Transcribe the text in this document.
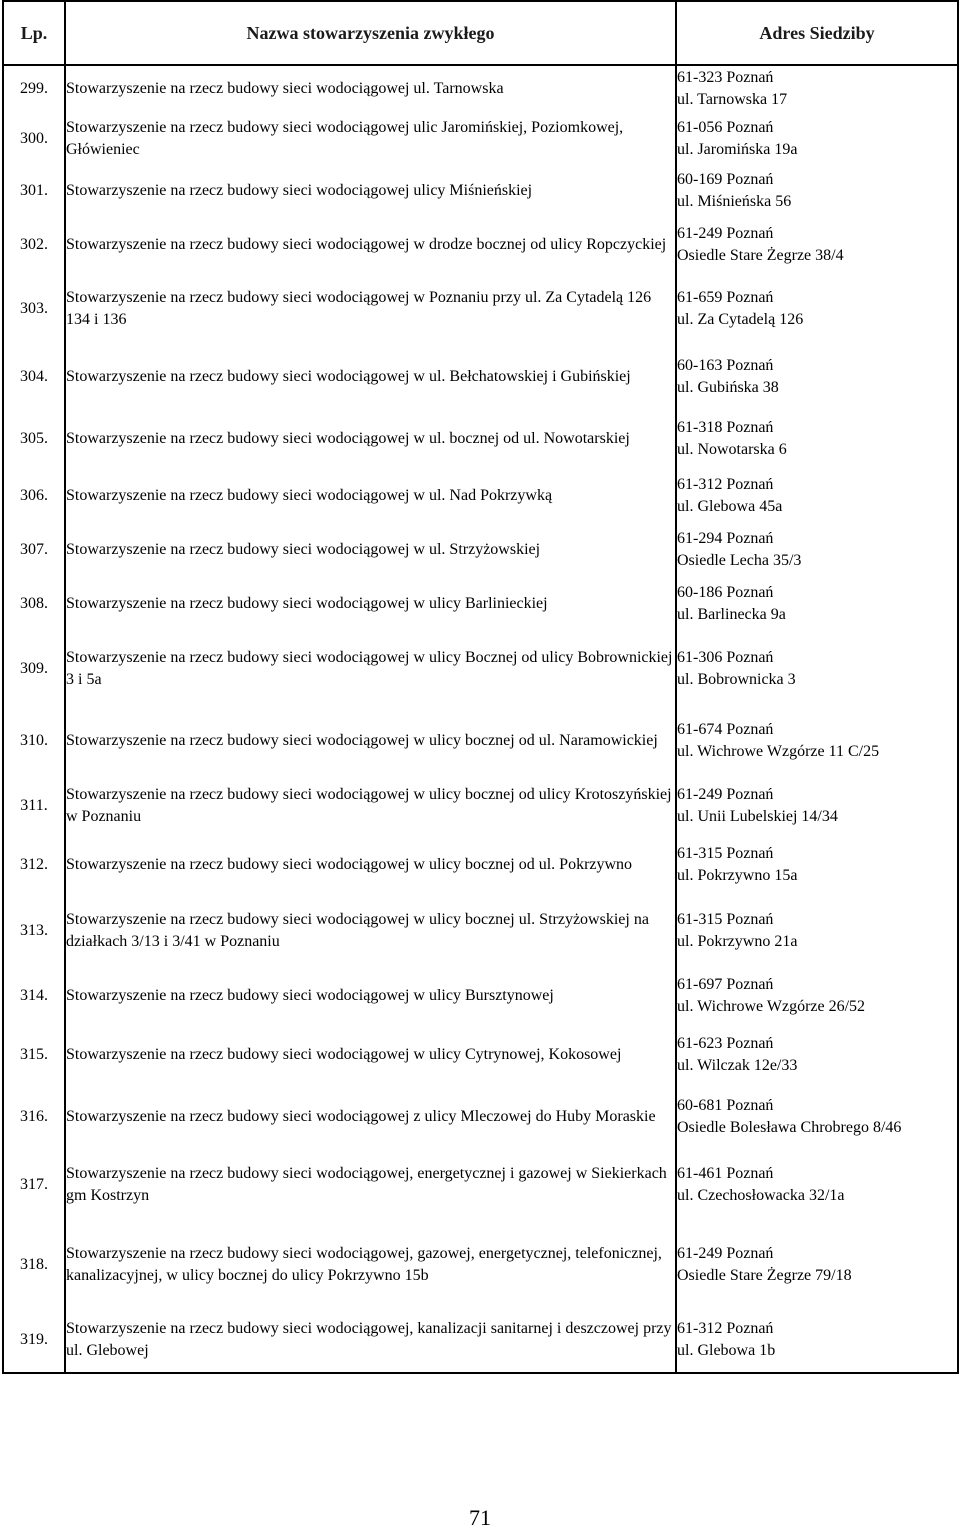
Lp.	Nazwa stowarzyszenia zwykłego	Adres Siedziby
299.	Stowarzyszenie na rzecz budowy sieci wodociągowej ul. Tarnowska	61-323 Poznań
ul. Tarnowska 17

300.	Stowarzyszenie na rzecz budowy sieci wodociągowej ulic Jaromińskiej, Poziomkowej, Główieniec	61-056 Poznań
ul. Jaromińska 19a

301.	Stowarzyszenie na rzecz budowy sieci wodociągowej ulicy Miśnieńskiej	60-169 Poznań
ul. Miśnieńska 56

302.	Stowarzyszenie na rzecz budowy sieci wodociągowej w drodze bocznej od ulicy Ropczyckiej	61-249 Poznań
Osiedle Stare Żegrze 38/4

303.	Stowarzyszenie na rzecz budowy sieci wodociągowej w Poznaniu przy ul. Za Cytadelą 126 134 i 136	61-659 Poznań
ul. Za Cytadelą 126

304.	Stowarzyszenie na rzecz budowy sieci wodociągowej w ul. Bełchatowskiej i Gubińskiej	60-163 Poznań
ul. Gubińska 38

305.	Stowarzyszenie na rzecz budowy sieci wodociągowej w ul. bocznej od ul. Nowotarskiej	61-318 Poznań
ul. Nowotarska 6

306.	Stowarzyszenie na rzecz budowy sieci wodociągowej w ul. Nad Pokrzywką	61-312 Poznań
ul. Glebowa 45a

307.	Stowarzyszenie na rzecz budowy sieci wodociągowej w ul. Strzyżowskiej	61-294 Poznań
Osiedle Lecha 35/3

308.	Stowarzyszenie na rzecz budowy sieci wodociągowej w ulicy Barlinieckiej	60-186 Poznań
ul. Barlinecka 9a

309.	Stowarzyszenie na rzecz budowy sieci wodociągowej w ulicy Bocznej od ulicy Bobrownickiej 3 i 5a	61-306 Poznań
ul. Bobrownicka 3

310.	Stowarzyszenie na rzecz budowy sieci wodociągowej w ulicy bocznej od ul. Naramowickiej	61-674 Poznań
ul. Wichrowe Wzgórze 11 C/25

311.	Stowarzyszenie na rzecz budowy sieci wodociągowej w ulicy bocznej od ulicy Krotoszyńskiej w Poznaniu	61-249 Poznań
ul. Unii Lubelskiej 14/34

312.	Stowarzyszenie na rzecz budowy sieci wodociągowej w ulicy bocznej od ul. Pokrzywno	61-315 Poznań
ul. Pokrzywno 15a

313.	Stowarzyszenie na rzecz budowy sieci wodociągowej w ulicy bocznej ul. Strzyżowskiej na działkach 3/13 i 3/41 w Poznaniu	61-315 Poznań
ul. Pokrzywno 21a

314.	Stowarzyszenie na rzecz budowy sieci wodociągowej w ulicy Bursztynowej	61-697 Poznań
ul. Wichrowe Wzgórze 26/52

315.	Stowarzyszenie na rzecz budowy sieci wodociągowej w ulicy Cytrynowej, Kokosowej	61-623 Poznań
ul. Wilczak 12e/33

316.	Stowarzyszenie na rzecz budowy sieci wodociągowej z ulicy Mleczowej do Huby Moraskie	60-681 Poznań
Osiedle Bolesława Chrobrego 8/46

317.	Stowarzyszenie na rzecz budowy sieci wodociągowej, energetycznej i gazowej w Siekierkach gm Kostrzyn	61-461 Poznań
ul. Czechosłowacka 32/1a

318.	Stowarzyszenie na rzecz budowy sieci wodociągowej, gazowej, energetycznej, telefonicznej, kanalizacyjnej, w ulicy bocznej do ulicy Pokrzywno 15b	61-249 Poznań
Osiedle Stare Żegrze 79/18

319.	Stowarzyszenie na rzecz budowy sieci wodociągowej, kanalizacji sanitarnej i deszczowej przy ul. Glebowej	61-312 Poznań
ul. Glebowa 1b
71
